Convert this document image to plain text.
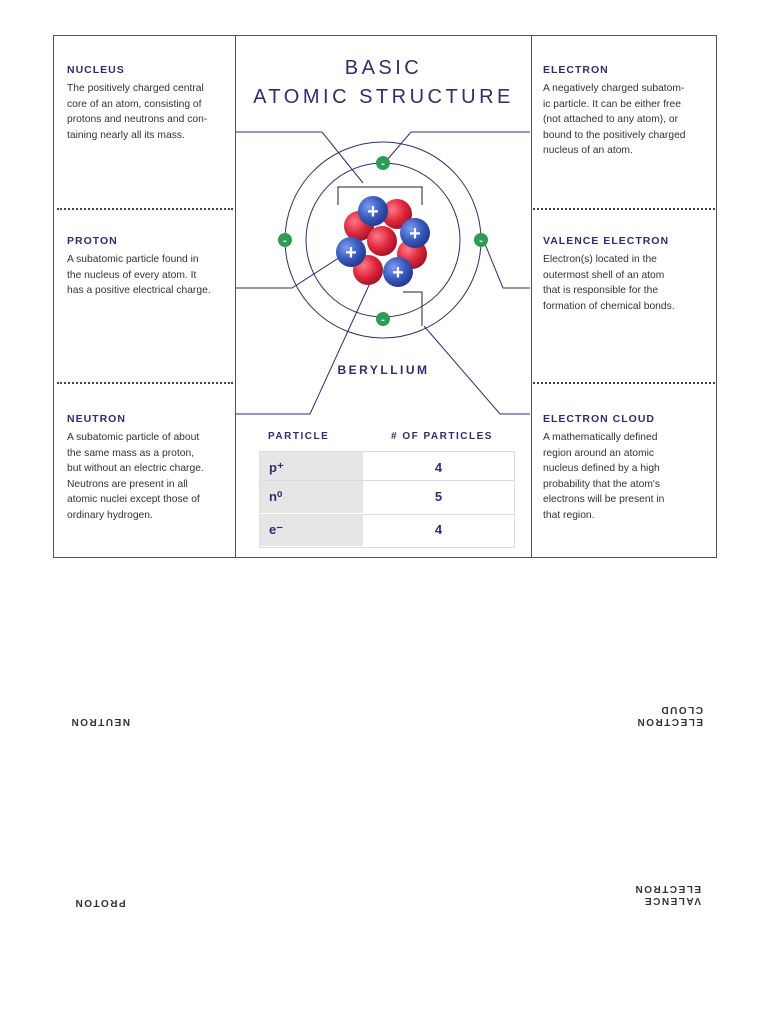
NUCLEUS
The positively charged central
core of an atom, consisting of
protons and neutrons and con-
taining nearly all its mass.
PROTON
A subatomic particle found in
the nucleus of every atom. It
has a positive electrical charge.
NEUTRON
A subatomic particle of about
the same mass as a proton,
but without an electric charge.
Neutrons are present in all
atomic nuclei except those of
ordinary hydrogen.
ELECTRON
A negatively charged subatom-
ic particle. It can be either free
(not attached to any atom), or
bound to the positively charged
nucleus of an atom.
VALENCE ELECTRON
Electron(s) located in the
outermost shell of an atom
that is responsible for the
formation of chemical bonds.
ELECTRON CLOUD
A mathematically defined
region around an atomic
nucleus defined by a high
probability that the atom's
electrons will be present in
that region.
BASIC
ATOMIC STRUCTURE
+
+
+
+
-
-
-	-
BERYLLIUM
PARTICLE	# OF PARTICLES
p⁺	4
n⁰	5
e⁻	4
NEUTRON	ELECTRON
CLOUD
PROTON	VALENCE
ELECTRON
